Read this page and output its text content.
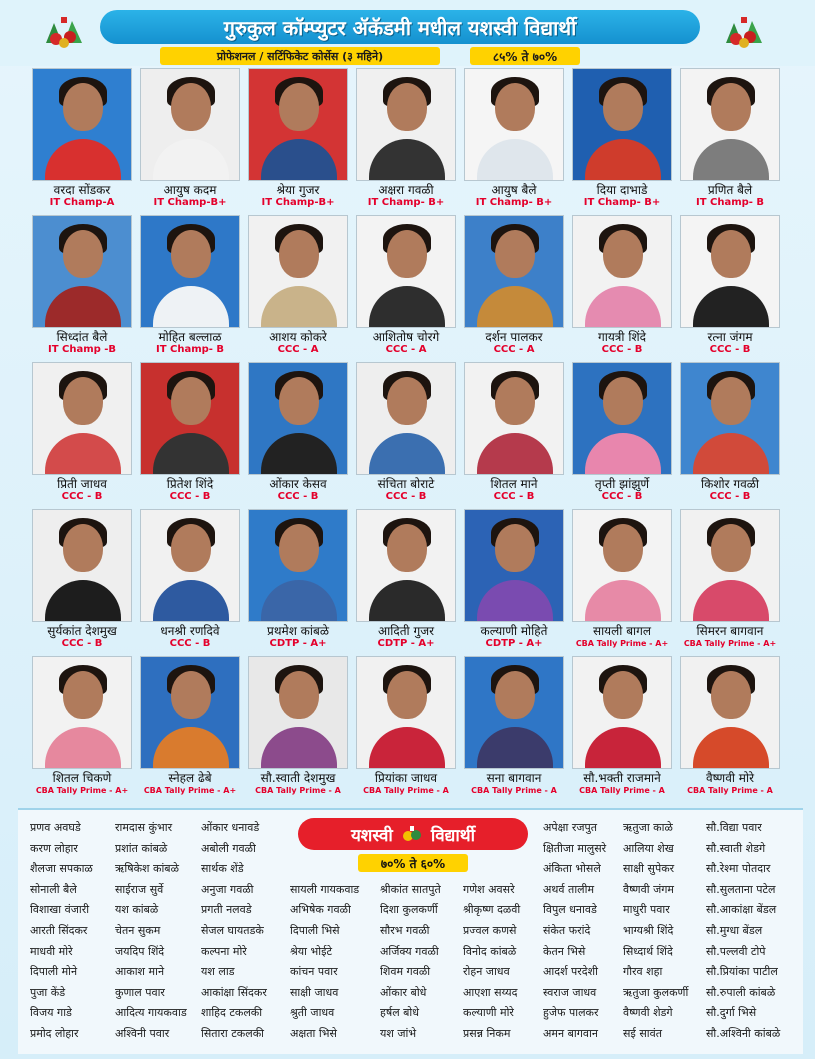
गुरुकुल कॉम्प्युटर ॲकॅडमी मधील यशस्वी विद्यार्थी
प्रोफेशनल / सर्टिफिकेट कोर्सेस (३ महिने)	८५% ते ७०%
वरदा सोंडकर
IT Champ-A
आयुष कदम
IT Champ-B+
श्रेया गुजर
IT Champ-B+
अक्षरा गवळी
IT Champ- B+
आयुष बैले
IT Champ- B+
दिया दाभाडे
IT Champ- B+
प्रणित बैले
IT Champ- B
सिध्दांत बैले
IT Champ -B
मोहित बल्लाळ
IT Champ- B
आशय कोकरे
CCC - A
आशितोष चोरगे
CCC - A
दर्शन पालकर
CCC - A
गायत्री शिंदे
CCC - B
रत्ना जंगम
CCC - B
प्रिती जाधव
CCC - B
प्रितेश शिंदे
CCC - B
ओंकार केसव
CCC - B
संचिता बोराटे
CCC - B
शितल माने
CCC - B
तृप्ती झांझुर्णे
CCC - B
किशोर गवळी
CCC - B
सुर्यकांत देशमुख
CCC - B
धनश्री रणदिवे
CCC - B
प्रथमेश कांबळे
CDTP - A+
आदिती गुजर
CDTP - A+
कल्याणी मोहिते
CDTP - A+
सायली बागल
CBA Tally Prime - A+
सिमरन बागवान
CBA Tally Prime - A+
शितल चिकणे
CBA Tally Prime - A+
स्नेहल ढेबे
CBA Tally Prime - A+
सौ.स्वाती देशमुख
CBA Tally Prime - A
प्रियांका जाधव
CBA Tally Prime - A
सना बागवान
CBA Tally Prime - A
सौ.भक्ती राजमाने
CBA Tally Prime - A
वैष्णवी मोरे
CBA Tally Prime - A
प्रणव अवघडे
करण लोहार
शैलजा सपकाळ
सोनाली बैले
विशाखा वंजारी
आरती सिंदकर
माधवी मोरे
दिपाली मोने
पुजा केंडे
विजय गाडे
प्रमोद लोहार
रामदास कुंभार
प्रशांत कांबळे
ऋषिकेश कांबळे
साईराज सुर्वे
यश कांबळे
चेतन सुकम
जयदिप शिंदे
आकाश माने
कुणाल पवार
आदित्य गायकवाड
अश्विनी पवार
ओंकार धनावडे
अबोली गवळी
सार्थक शेंडे
अनुजा गवळी
प्रगती नलवडे
सेजल घायतडके
कल्पना मोरे
यश लाड
आकांक्षा सिंदकर
शाहिद टकलकी
सितारा टकलकी
सायली गायकवाड
अभिषेक गवळी
दिपाली भिसे
श्रेया भोईटे
कांचन पवार
साक्षी जाधव
श्रुती जाधव
अक्षता भिसे
श्रीकांत सातपुते
दिशा कुलकर्णी
सौरभ गवळी
अर्जिक्य गवळी
शिवम गवळी
ओंकार बोधे
हर्षल बोधे
यश जांभे
गणेश अवसरे
श्रीकृष्ण दळवी
प्रज्वल कणसे
विनोद कांबळे
रोहन जाधव
आएशा सय्यद
कल्याणी मोरे
प्रसन्न निकम
अपेक्षा रजपुत
क्षितीजा मालुसरे
अंकिता भोसले
अथर्व तालीम
विपुल धनावडे
संकेत फरांदे
केतन भिसे
आदर्श परदेशी
स्वराज जाधव
हुजेफ पालकर
अमन बागवान
ऋतुजा काळे
आलिया शेख
साक्षी सुपेकर
वैष्णवी जंगम
माधुरी पवार
भाग्यश्री शिंदे
सिध्दार्थ शिंदे
गौरव शहा
ऋतुजा कुलकर्णी
वैष्णवी शेडगे
सई सावंत
सौ.विद्या पवार
सौ.स्वाती शेडगे
सौ.रेश्मा पोतदार
सौ.सुलताना पटेल
सौ.आकांक्षा बेंडल
सौ.मुग्धा बेंडल
सौ.पल्लवी टोपे
सौ.प्रियांका पाटील
सौ.रुपाली कांबळे
सौ.दुर्गा भिसे
सौ.अश्विनी कांबळे
यशस्वी विद्यार्थी
७०% ते ६०%
